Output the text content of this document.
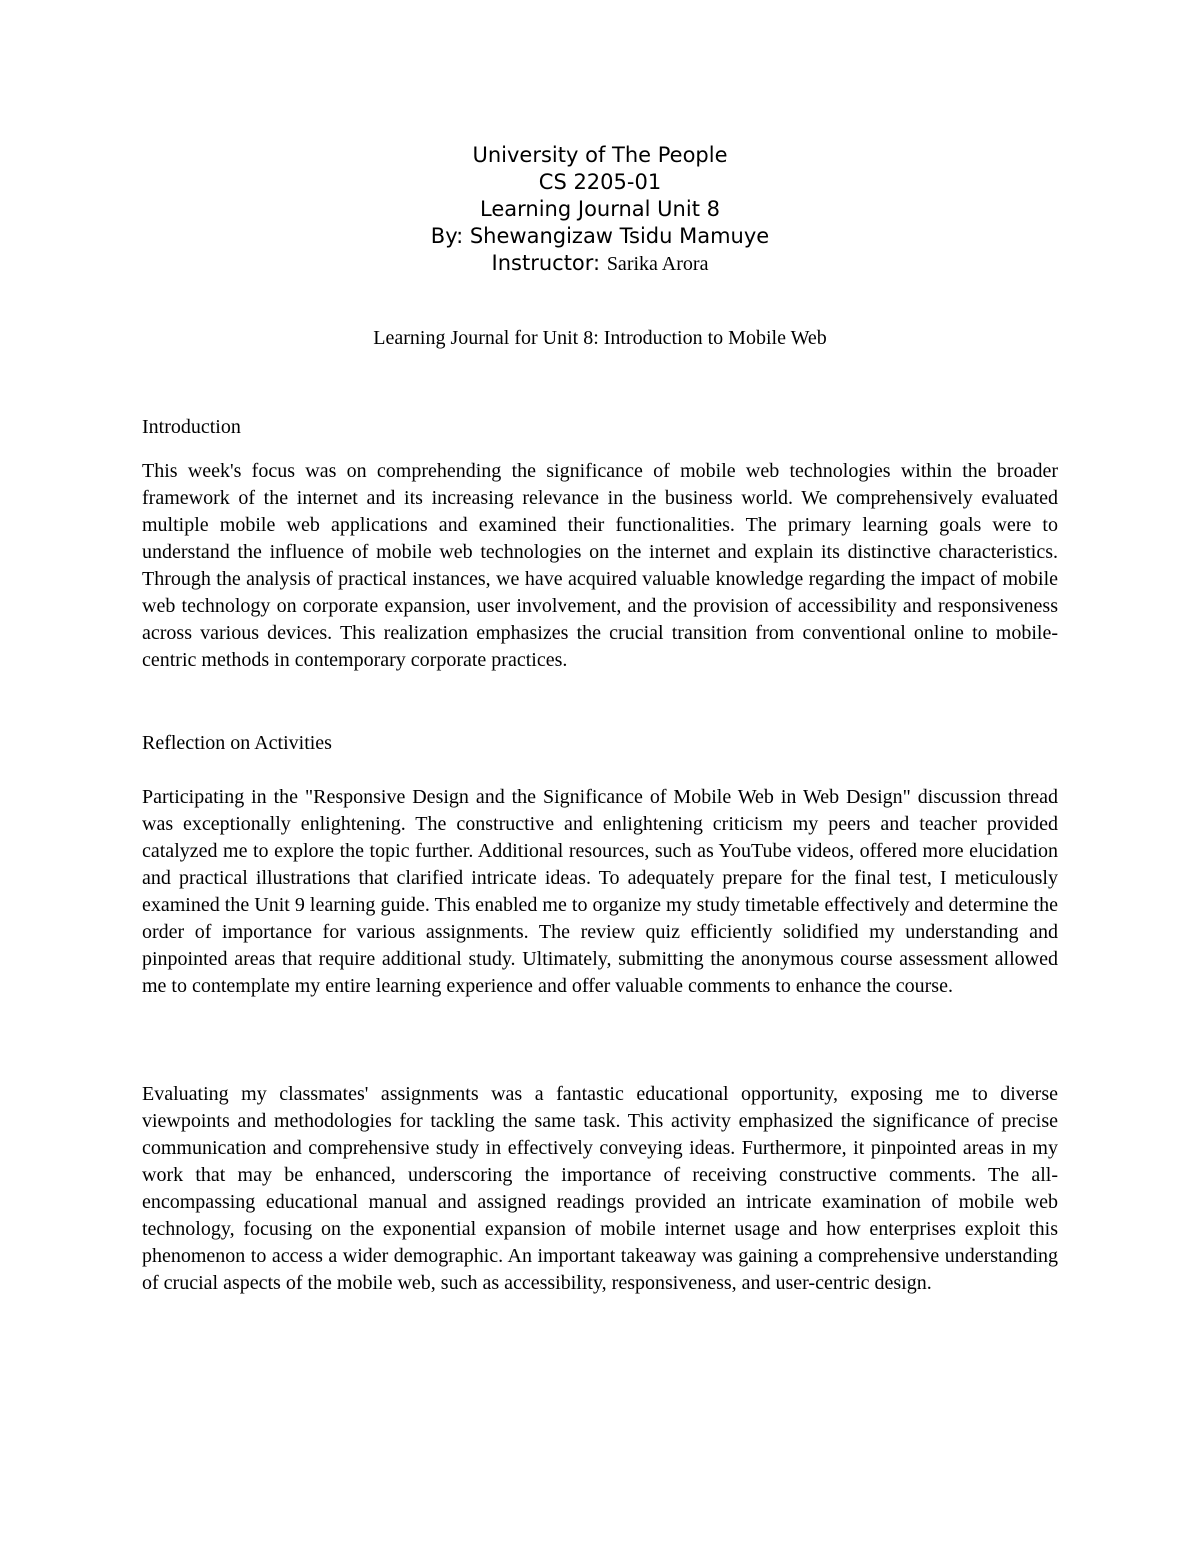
University of The People
CS 2205-01
Learning Journal Unit 8
By: Shewangizaw Tsidu Mamuye
Instructor: Sarika Arora
Learning Journal for Unit 8: Introduction to Mobile Web
Introduction
This week's focus was on comprehending the significance of mobile web technologies within the broader framework of the internet and its increasing relevance in the business world. We comprehensively evaluated multiple mobile web applications and examined their functionalities. The primary learning goals were to understand the influence of mobile web technologies on the internet and explain its distinctive characteristics. Through the analysis of practical instances, we have acquired valuable knowledge regarding the impact of mobile web technology on corporate expansion, user involvement, and the provision of accessibility and responsiveness across various devices. This realization emphasizes the crucial transition from conventional online to mobile-centric methods in contemporary corporate practices.
Reflection on Activities
Participating in the "Responsive Design and the Significance of Mobile Web in Web Design" discussion thread was exceptionally enlightening. The constructive and enlightening criticism my peers and teacher provided catalyzed me to explore the topic further. Additional resources, such as YouTube videos, offered more elucidation and practical illustrations that clarified intricate ideas. To adequately prepare for the final test, I meticulously examined the Unit 9 learning guide. This enabled me to organize my study timetable effectively and determine the order of importance for various assignments. The review quiz efficiently solidified my understanding and pinpointed areas that require additional study. Ultimately, submitting the anonymous course assessment allowed me to contemplate my entire learning experience and offer valuable comments to enhance the course.
Evaluating my classmates' assignments was a fantastic educational opportunity, exposing me to diverse viewpoints and methodologies for tackling the same task. This activity emphasized the significance of precise communication and comprehensive study in effectively conveying ideas. Furthermore, it pinpointed areas in my work that may be enhanced, underscoring the importance of receiving constructive comments. The all-encompassing educational manual and assigned readings provided an intricate examination of mobile web technology, focusing on the exponential expansion of mobile internet usage and how enterprises exploit this phenomenon to access a wider demographic. An important takeaway was gaining a comprehensive understanding of crucial aspects of the mobile web, such as accessibility, responsiveness, and user-centric design.
